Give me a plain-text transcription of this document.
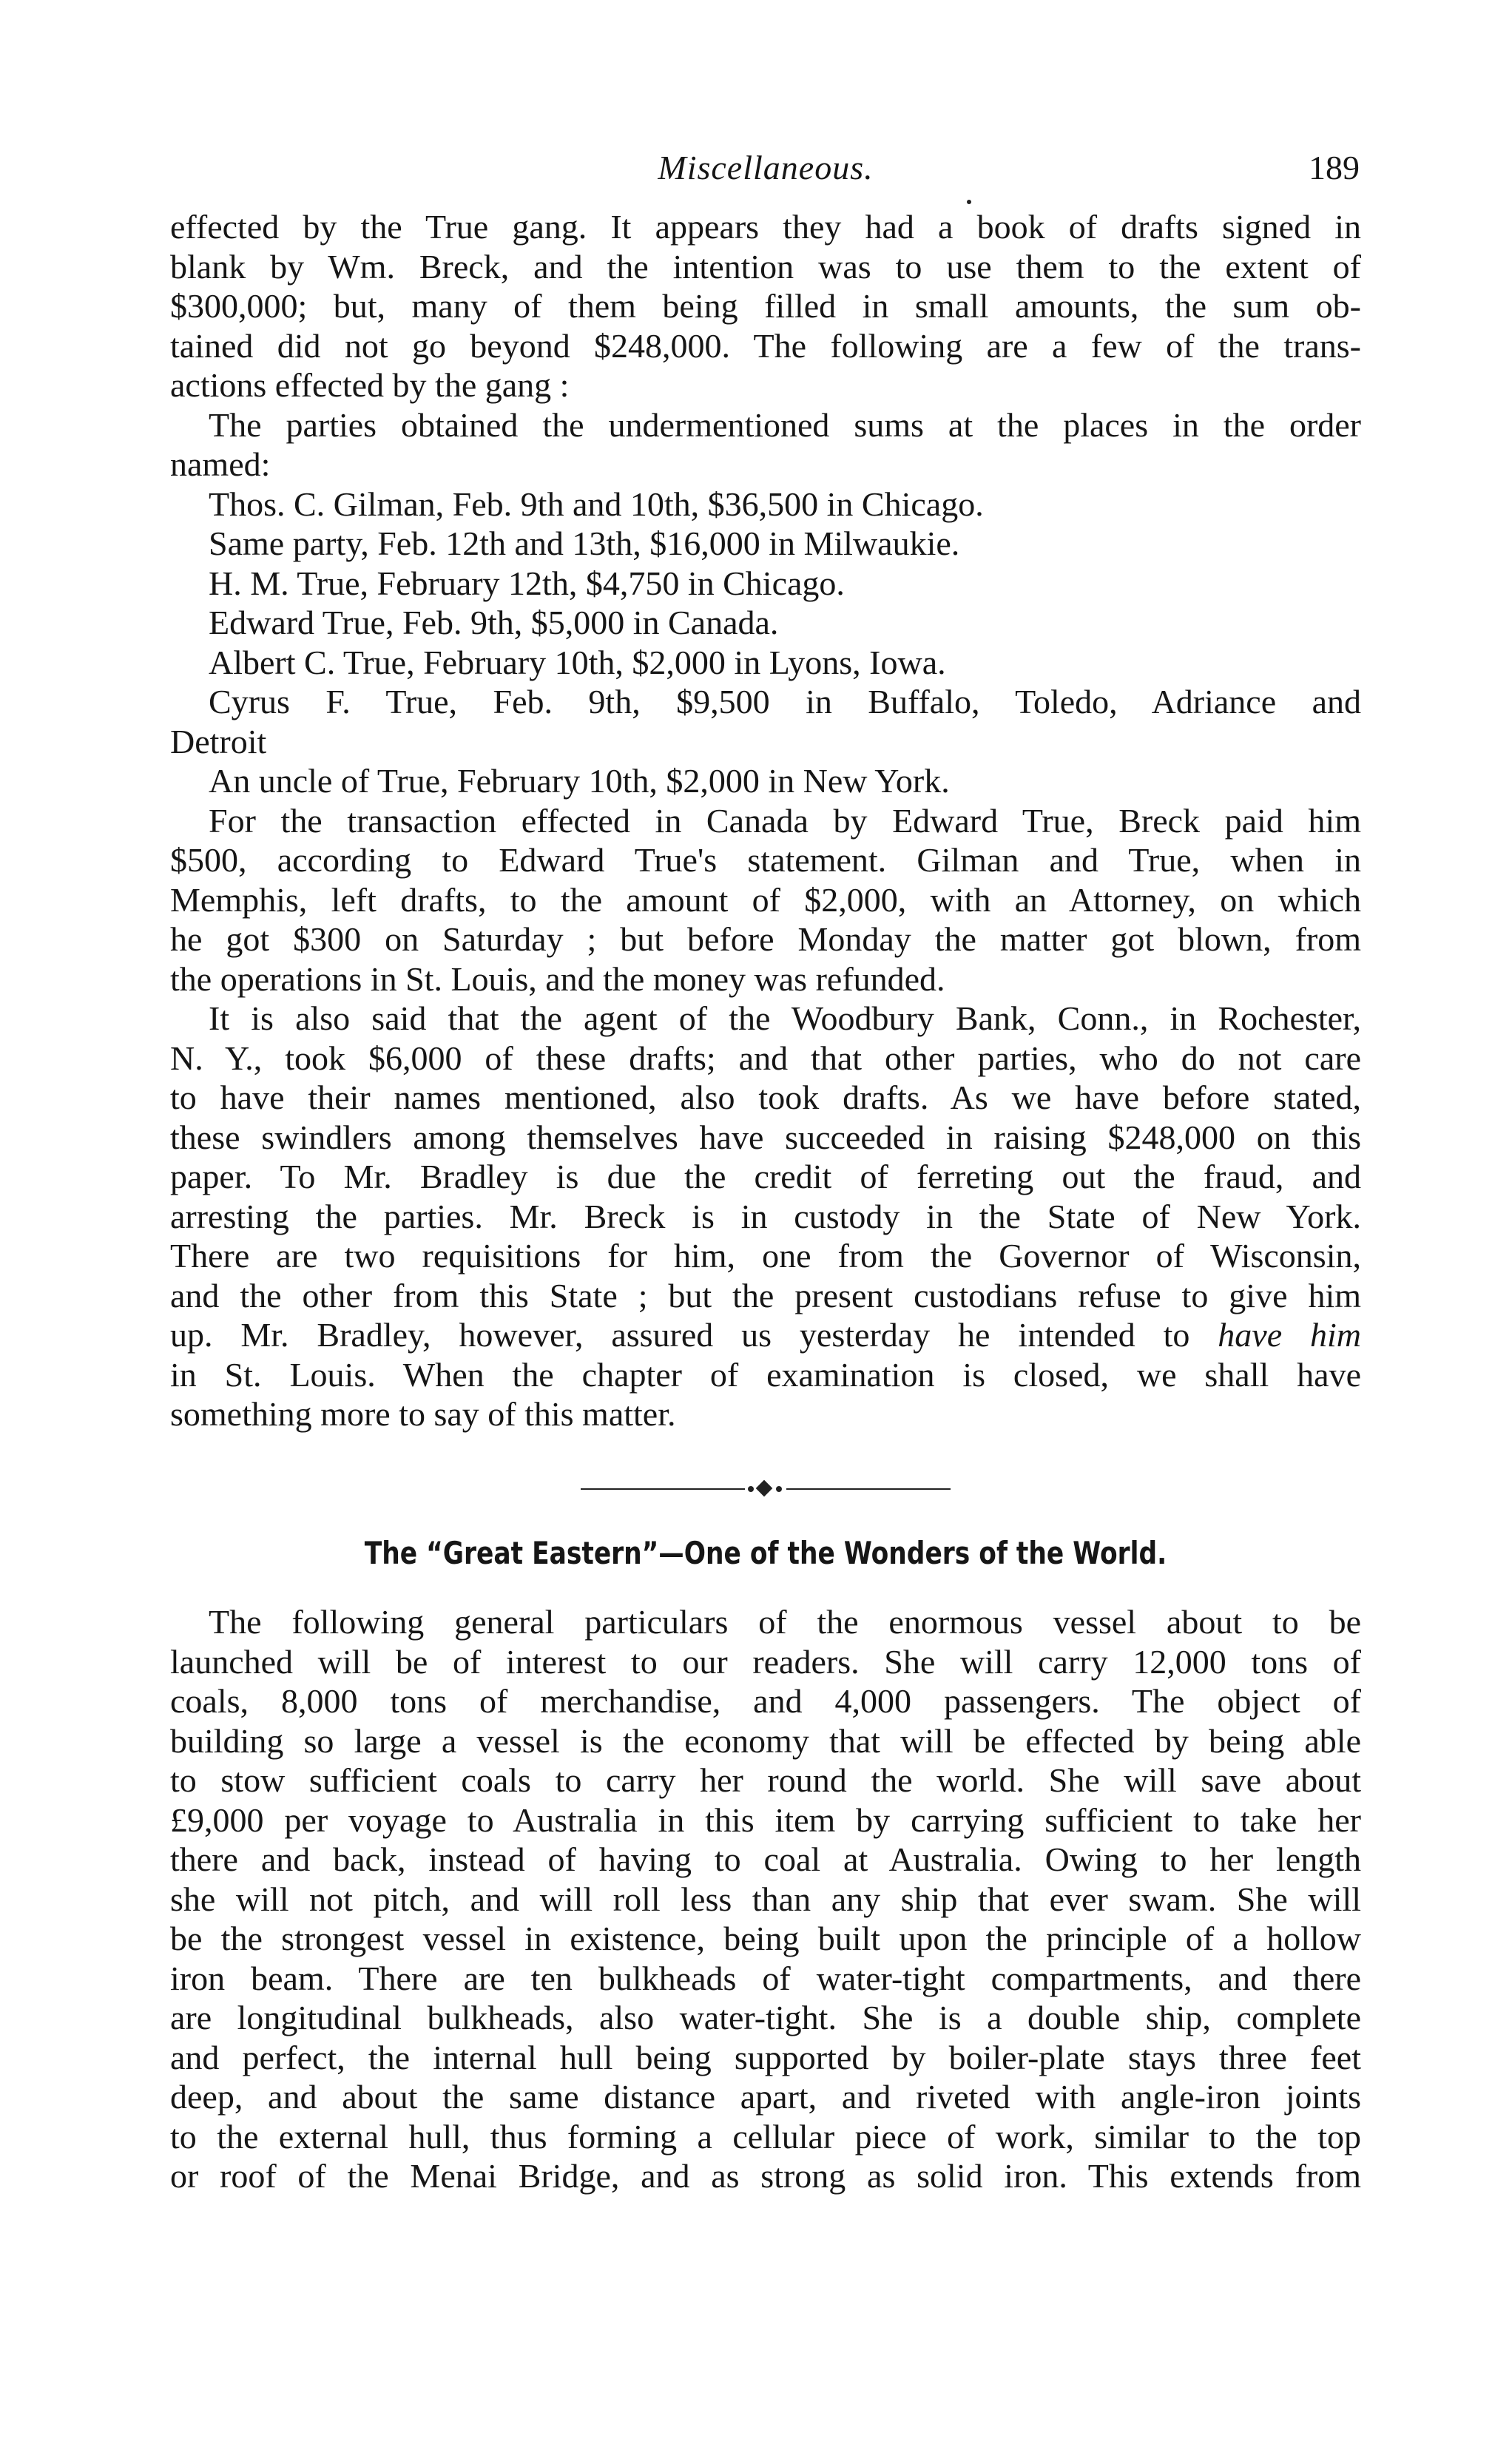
Miscellaneous.	189

effected by the True gang. It appears they had a book of drafts signed in

blank by Wm. Breck, and the intention was to use them to the extent of

$300,000; but, many of them being filled in small amounts, the sum ob-

tained did not go beyond $248,000. The following are a few of the trans-

actions effected by the gang :

The parties obtained the undermentioned sums at the places in the order

named:

Thos. C. Gilman, Feb. 9th and 10th, $36,500 in Chicago.

Same party, Feb. 12th and 13th, $16,000 in Milwaukie.

H. M. True, February 12th, $4,750 in Chicago.

Edward True, Feb. 9th, $5,000 in Canada.

Albert C. True, February 10th, $2,000 in Lyons, Iowa.

Cyrus F. True, Feb. 9th, $9,500 in Buffalo, Toledo, Adriance and

Detroit

An uncle of True, February 10th, $2,000 in New York.

For the transaction effected in Canada by Edward True, Breck paid him

$500, according to Edward True's statement. Gilman and True, when in

Memphis, left drafts, to the amount of $2,000, with an Attorney, on which

he got $300 on Saturday ; but before Monday the matter got blown, from

the operations in St. Louis, and the money was refunded.

It is also said that the agent of the Woodbury Bank, Conn., in Rochester,

N. Y., took $6,000 of these drafts; and that other parties, who do not care

to have their names mentioned, also took drafts. As we have before stated,

these swindlers among themselves have succeeded in raising $248,000 on this

paper. To Mr. Bradley is due the credit of ferreting out the fraud, and

arresting the parties. Mr. Breck is in custody in the State of New York.

There are two requisitions for him, one from the Governor of Wisconsin,

and the other from this State ; but the present custodians refuse to give him

up. Mr. Bradley, however, assured us yesterday he intended to have him

in St. Louis. When the chapter of examination is closed, we shall have

something more to say of this matter.

The “Great Eastern”—One of the Wonders of the World.

The following general particulars of the enormous vessel about to be

launched will be of interest to our readers. She will carry 12,000 tons of

coals, 8,000 tons of merchandise, and 4,000 passengers. The object of

building so large a vessel is the economy that will be effected by being able

to stow sufficient coals to carry her round the world. She will save about

£9,000 per voyage to Australia in this item by carrying sufficient to take her

there and back, instead of having to coal at Australia. Owing to her length

she will not pitch, and will roll less than any ship that ever swam. She will

be the strongest vessel in existence, being built upon the principle of a hollow

iron beam. There are ten bulkheads of water-tight compartments, and there

are longitudinal bulkheads, also water-tight. She is a double ship, complete

and perfect, the internal hull being supported by boiler-plate stays three feet

deep, and about the same distance apart, and riveted with angle-iron joints

to the external hull, thus forming a cellular piece of work, similar to the top

or roof of the Menai Bridge, and as strong as solid iron. This extends from
